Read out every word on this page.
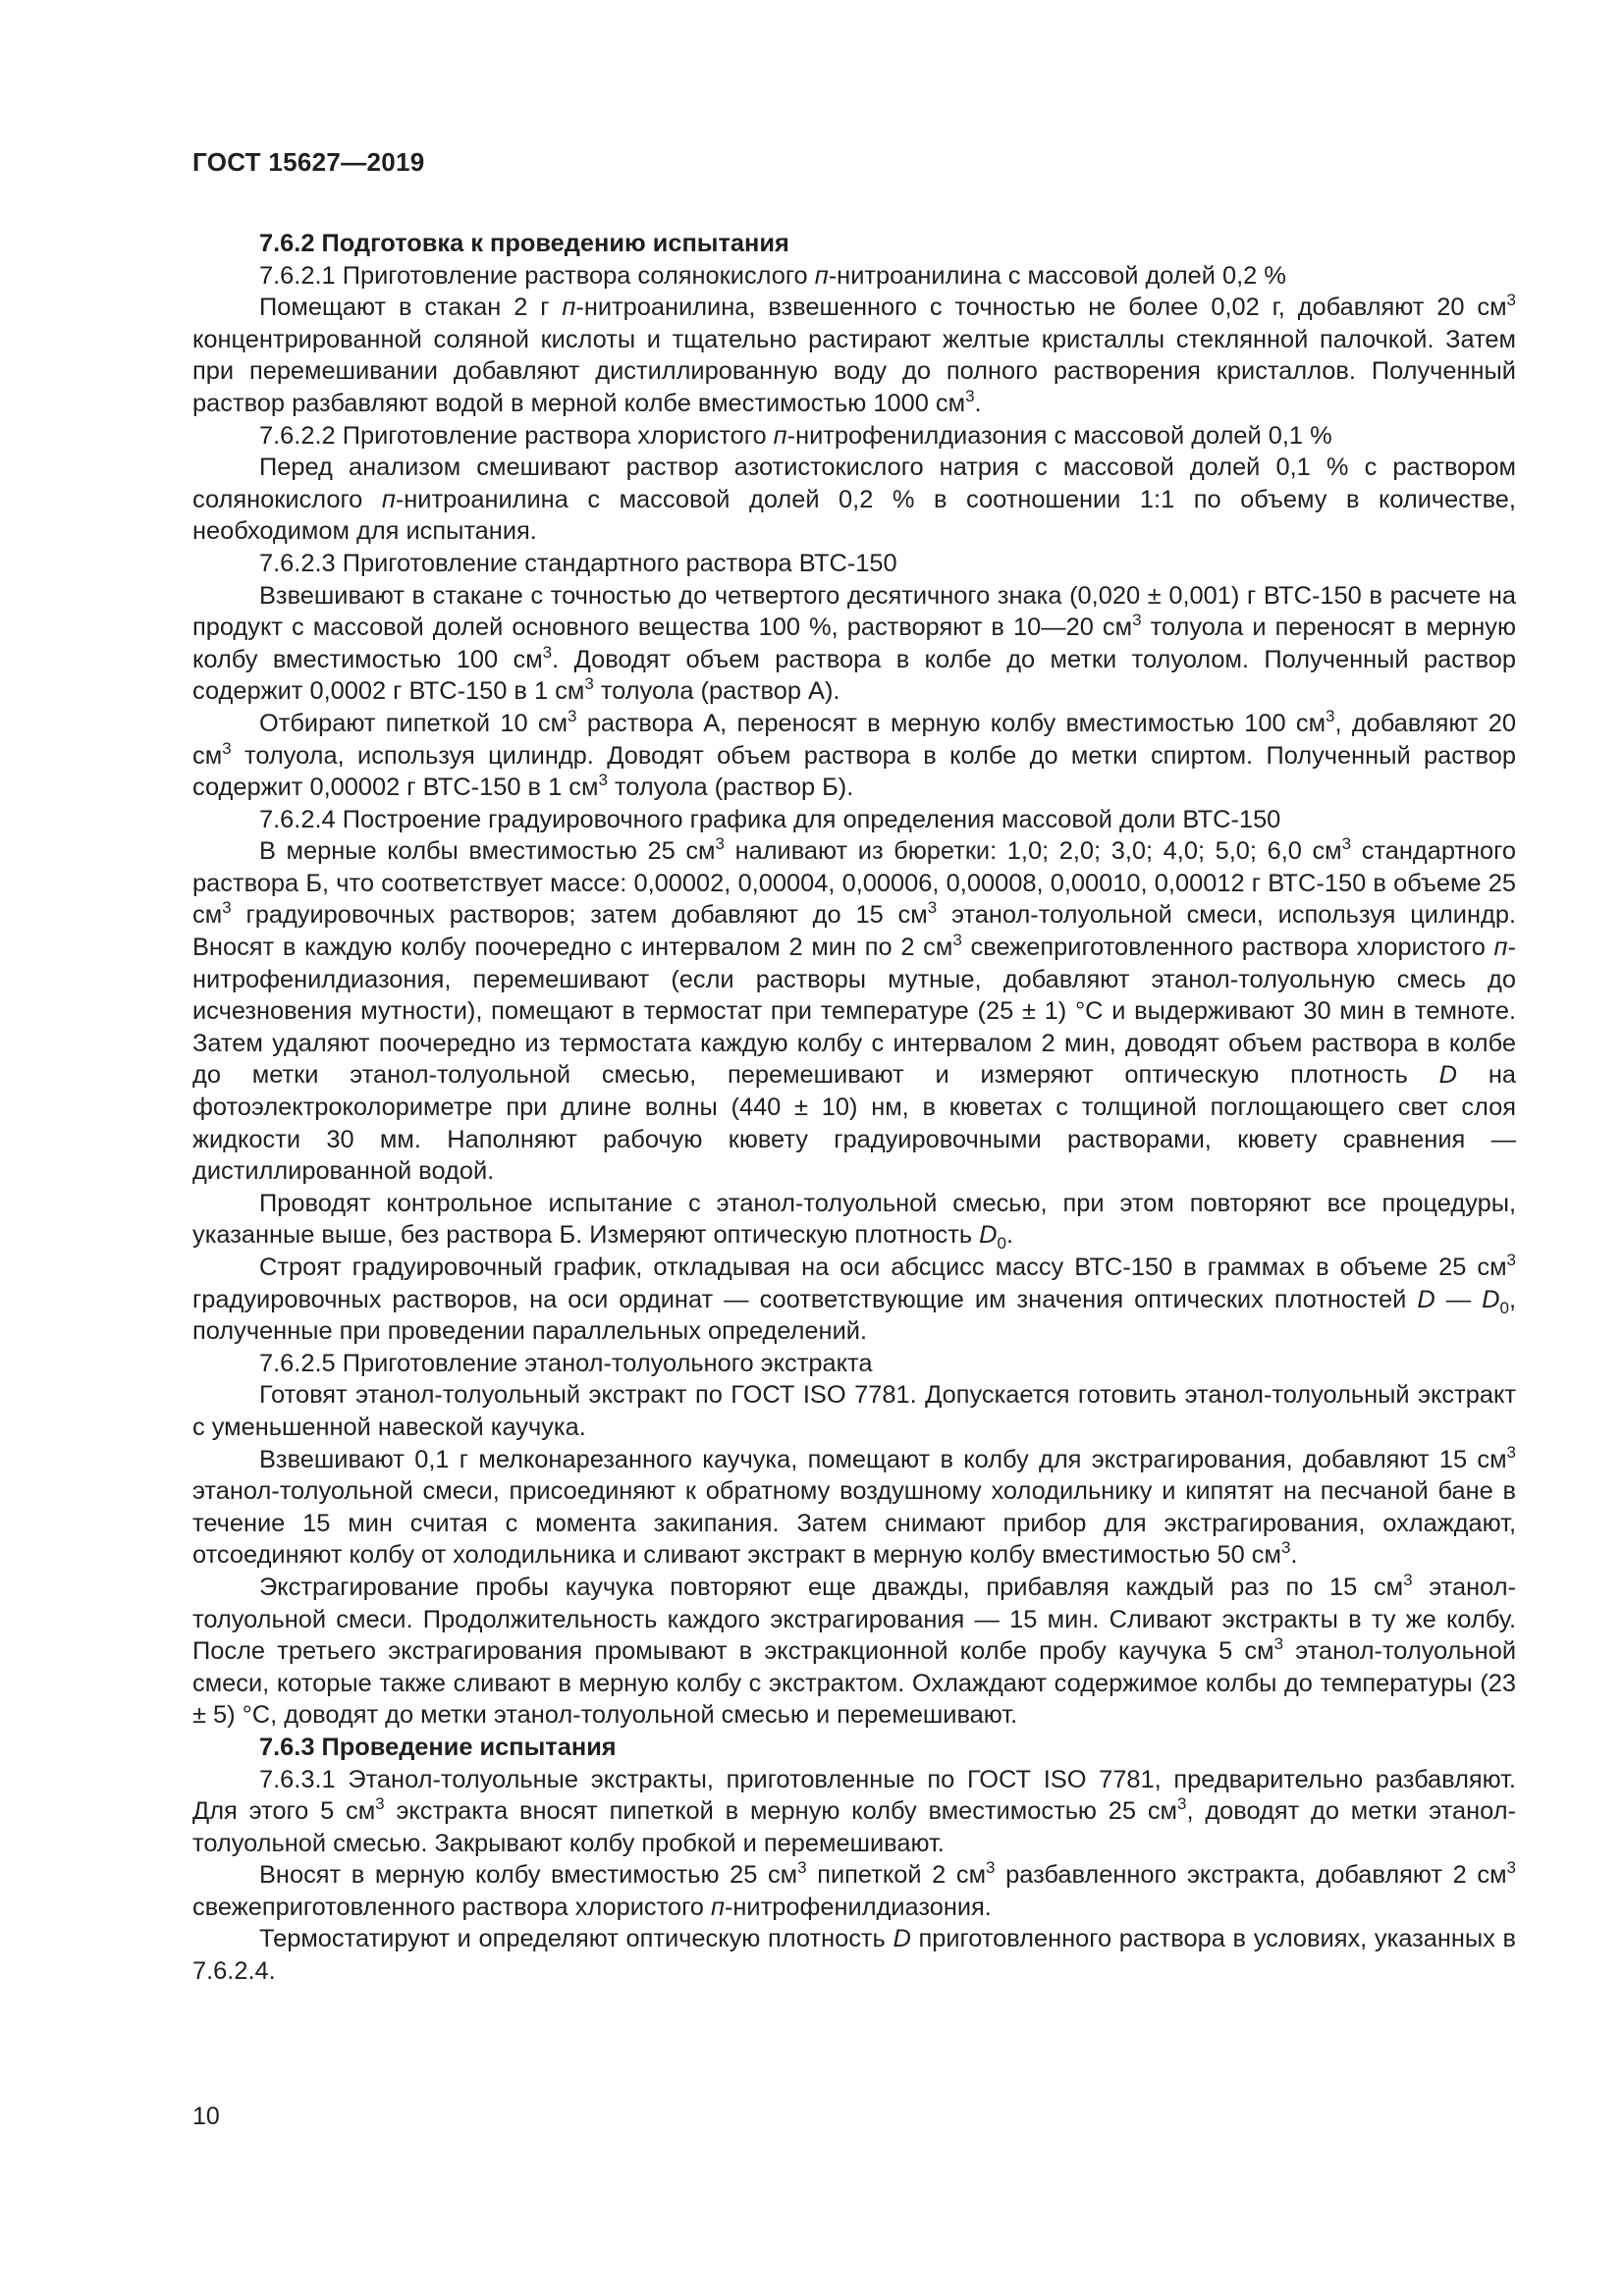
ГОСТ 15627—2019

7.6.2 Подготовка к проведению испытания

7.6.2.1 Приготовление раствора солянокислого п-нитроанилина с массовой долей 0,2 %

Помещают в стакан 2 г п-нитроанилина, взвешенного с точностью не более 0,02 г, добавляют 20 $см^3$ концентрированной соляной кислоты и тщательно растирают желтые кристаллы стеклянной палочкой. Затем при перемешивании добавляют дистиллированную воду до полного растворения кристаллов. Полученный раствор разбавляют водой в мерной колбе вместимостью 1000 $см^3$.

7.6.2.2 Приготовление раствора хлористого п-нитрофенилдиазония с массовой долей 0,1 %

Перед анализом смешивают раствор азотистокислого натрия с массовой долей 0,1 % с раствором солянокислого п-нитроанилина с массовой долей 0,2 % в соотношении 1:1 по объему в количестве, необходимом для испытания.

7.6.2.3 Приготовление стандартного раствора ВТС-150

Взвешивают в стакане с точностью до четвертого десятичного знака (0,020 ± 0,001) г ВТС-150 в расчете на продукт с массовой долей основного вещества 100 %, растворяют в 10—20 $см^3$ толуола и переносят в мерную колбу вместимостью 100 $см^3$. Доводят объем раствора в колбе до метки толуолом. Полученный раствор содержит 0,0002 г ВТС-150 в 1 $см^3$ толуола (раствор А).

Отбирают пипеткой 10 $см^3$ раствора А, переносят в мерную колбу вместимостью 100 $см^3$, добавляют 20 $см^3$ толуола, используя цилиндр. Доводят объем раствора в колбе до метки спиртом. Полученный раствор содержит 0,00002 г ВТС-150 в 1 $см^3$ толуола (раствор Б).

7.6.2.4 Построение градуировочного графика для определения массовой доли ВТС-150

В мерные колбы вместимостью 25 $см^3$ наливают из бюретки: 1,0; 2,0; 3,0; 4,0; 5,0; 6,0 $см^3$ стандартного раствора Б, что соответствует массе: 0,00002, 0,00004, 0,00006, 0,00008, 0,00010, 0,00012 г ВТС-150 в объеме 25 $см^3$ градуировочных растворов; затем добавляют до 15 $см^3$ этанол-толуольной смеси, используя цилиндр. Вносят в каждую колбу поочередно с интервалом 2 мин по 2 $см^3$ свежеприготовленного раствора хлористого п-нитрофенилдиазония, перемешивают (если растворы мутные, добавляют этанол-толуольную смесь до исчезновения мутности), помещают в термостат при температуре (25 ± 1) °С и выдерживают 30 мин в темноте. Затем удаляют поочередно из термостата каждую колбу с интервалом 2 мин, доводят объем раствора в колбе до метки этанол-толуольной смесью, перемешивают и измеряют оптическую плотность D на фотоэлектроколориметре при длине волны (440 ± 10) нм, в кюветах с толщиной поглощающего свет слоя жидкости 30 мм. Наполняют рабочую кювету градуировочными растворами, кювету сравнения — дистиллированной водой.

Проводят контрольное испытание с этанол-толуольной смесью, при этом повторяют все процедуры, указанные выше, без раствора Б. Измеряют оптическую плотность $D_0$.

Строят градуировочный график, откладывая на оси абсцисс массу ВТС-150 в граммах в объеме 25 $см^3$ градуировочных растворов, на оси ординат — соответствующие им значения оптических плотностей D — $D_0$, полученные при проведении параллельных определений.

7.6.2.5 Приготовление этанол-толуольного экстракта

Готовят этанол-толуольный экстракт по ГОСТ ISO 7781. Допускается готовить этанол-толуольный экстракт с уменьшенной навеской каучука.

Взвешивают 0,1 г мелконарезанного каучука, помещают в колбу для экстрагирования, добавляют 15 $см^3$ этанол-толуольной смеси, присоединяют к обратному воздушному холодильнику и кипятят на песчаной бане в течение 15 мин считая с момента закипания. Затем снимают прибор для экстрагирования, охлаждают, отсоединяют колбу от холодильника и сливают экстракт в мерную колбу вместимостью 50 $см^3$.

Экстрагирование пробы каучука повторяют еще дважды, прибавляя каждый раз по 15 $см^3$ этанол-толуольной смеси. Продолжительность каждого экстрагирования — 15 мин. Сливают экстракты в ту же колбу. После третьего экстрагирования промывают в экстракционной колбе пробу каучука 5 $см^3$ этанол-толуольной смеси, которые также сливают в мерную колбу с экстрактом. Охлаждают содержимое колбы до температуры (23 ± 5) °С, доводят до метки этанол-толуольной смесью и перемешивают.

7.6.3 Проведение испытания

7.6.3.1 Этанол-толуольные экстракты, приготовленные по ГОСТ ISO 7781, предварительно разбавляют. Для этого 5 $см^3$ экстракта вносят пипеткой в мерную колбу вместимостью 25 $см^3$, доводят до метки этанол-толуольной смесью. Закрывают колбу пробкой и перемешивают.

Вносят в мерную колбу вместимостью 25 $см^3$ пипеткой 2 $см^3$ разбавленного экстракта, добавляют 2 $см^3$ свежеприготовленного раствора хлористого п-нитрофенилдиазония.

Термостатируют и определяют оптическую плотность D приготовленного раствора в условиях, указанных в 7.6.2.4.

10
